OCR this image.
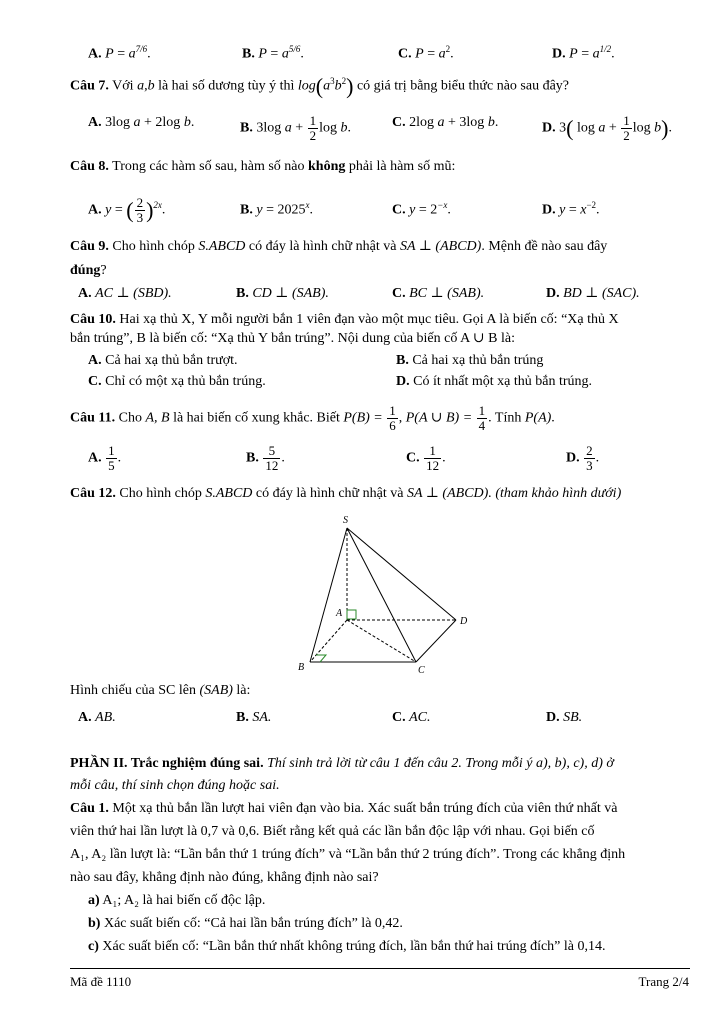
A. $P = a^{7/6}$.	B. $P = a^{5/6}$.	C. $P = a^2$.	D. $P = a^{1/2}$.
Câu 7. Với a,b là hai số dương tùy ý thì $\log(a^3b^2)$ có giá trị bằng biểu thức nào sau đây?
A. 3log a + 2log b.	B. 3log $a + \frac{1}{2}$ log b.	C. 2log a + 3log b.	D. 3( $\log a + \frac{1}{2}$ log b).
Câu 8. Trong các hàm số sau, hàm số nào không phải là hàm số mũ:
A. y = ( $\frac{2}{3} )^{2x}$.	B. $y = 2025^x$.	C. $y = 2^{-x}$.	D. $y = x^{-2}$.
Câu 9. Cho hình chóp S.ABCD có đáy là hình chữ nhật và SA ⊥ (ABCD). Mệnh đề nào sau đây
đúng?
A. AC ⊥ (SBD).	B. CD ⊥ (SAB).	C. BC ⊥ (SAB).	D. BD ⊥ (SAC).
Câu 10. Hai xạ thủ X, Y mỗi người bắn 1 viên đạn vào một mục tiêu. Gọi A là biến cố: “Xạ thủ X
bắn trúng”, B là biến cố: “Xạ thủ Y bắn trúng”. Nội dung của biến cố A ∪ B là:
A. Cả hai xạ thủ bắn trượt.	B. Cả hai xạ thủ bắn trúng
C. Chỉ có một xạ thủ bắn trúng.	D. Có ít nhất một xạ thủ bắn trúng.
Câu 11. Cho A, B là hai biến cố xung khắc. Biết $P(B) = \frac{1}{6}$ , P(A ∪ $B) = \frac{1}{4}$ . Tính P(A).
A. $\frac{1}{5}$ .	B. $\frac{5}{12}$ .	C. $\frac{1}{12}$ .	D. $\frac{2}{3}$ .
Câu 12. Cho hình chóp S.ABCD có đáy là hình chữ nhật và SA ⊥ (ABCD). (tham khảo hình dưới)
S
A
B	C
D
Hình chiếu của SC lên (SAB) là:
A. AB.	B. SA.	C. AC.	D. SB.
PHẦN II. Trắc nghiệm đúng sai. Thí sinh trả lời từ câu 1 đến câu 2. Trong mỗi ý a), b), c), d) ở
mỗi câu, thí sinh chọn đúng hoặc sai.
Câu 1. Một xạ thủ bắn lần lượt hai viên đạn vào bia. Xác suất bắn trúng đích của viên thứ nhất và
viên thứ hai lần lượt là 0,7 và 0,6. Biết rằng kết quả các lần bắn độc lập với nhau. Gọi biến cố
A₁, A₂ lần lượt là: “Lần bắn thứ 1 trúng đích” và “Lần bắn thứ 2 trúng đích”. Trong các khẳng định
nào sau đây, khẳng định nào đúng, khẳng định nào sai?
a) A₁; A₂ là hai biến cố độc lập.
b) Xác suất biến cố: “Cả hai lần bắn trúng đích” là 0,42.
c) Xác suất biến cố: “Lần bắn thứ nhất không trúng đích, lần bắn thứ hai trúng đích” là 0,14.
Mã đề 1110	Trang 2/4
